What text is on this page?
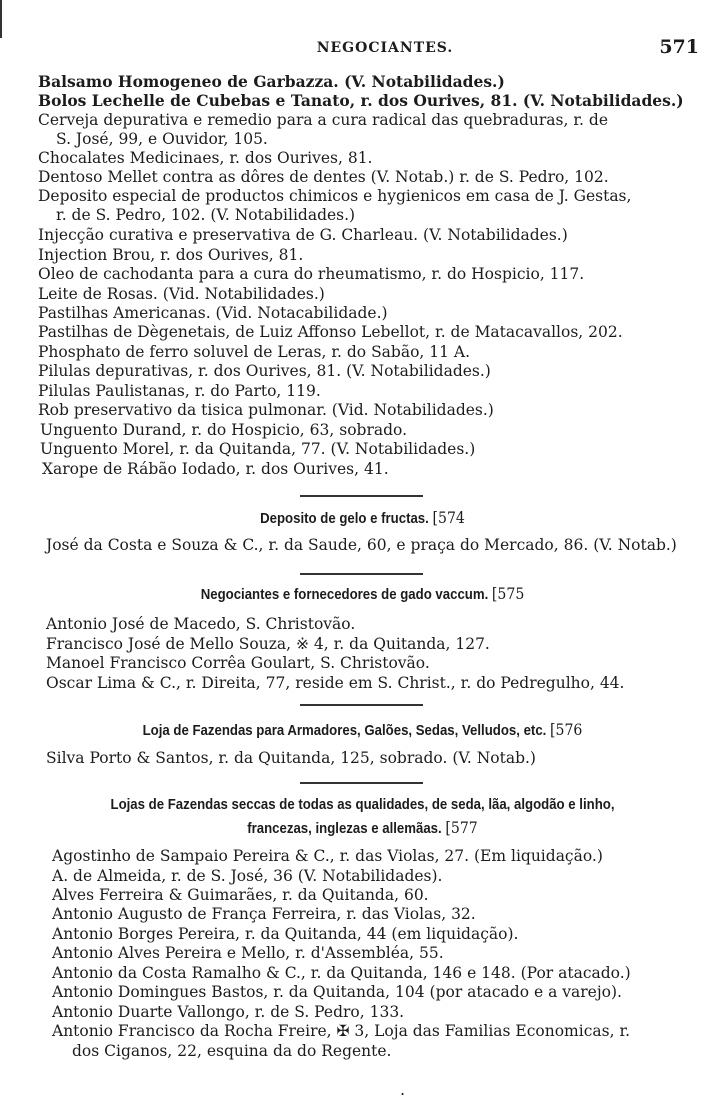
NEGOCIANTES.	571
Balsamo Homogeneo de Garbazza. (V. Notabilidades.)
Bolos Lechelle de Cubebas e Tanato, r. dos Ourives, 81. (V. Notabilidades.)
Cerveja depurativa e remedio para a cura radical das quebraduras, r. de
S. José, 99, e Ouvidor, 105.
Chocalates Medicinaes, r. dos Ourives, 81.
Dentoso Mellet contra as dôres de dentes (V. Notab.) r. de S. Pedro, 102.
Deposito especial de productos chimicos e hygienicos em casa de J. Gestas,
r. de S. Pedro, 102. (V. Notabilidades.)
Injecção curativa e preservativa de G. Charleau. (V. Notabilidades.)
Injection Brou, r. dos Ourives, 81.
Oleo de cachodanta para a cura do rheumatismo, r. do Hospicio, 117.
Leite de Rosas. (Vid. Notabilidades.)
Pastilhas Americanas. (Vid. Notacabilidade.)
Pastilhas de Dègenetais, de Luiz Affonso Lebellot, r. de Matacavallos, 202.
Phosphato de ferro soluvel de Leras, r. do Sabão, 11 A.
Pilulas depurativas, r. dos Ourives, 81. (V. Notabilidades.)
Pilulas Paulistanas, r. do Parto, 119.
Rob preservativo da tisica pulmonar. (Vid. Notabilidades.)
Unguento Durand, r. do Hospicio, 63, sobrado.
Unguento Morel, r. da Quitanda, 77. (V. Notabilidades.)
Xarope de Rábão Iodado, r. dos Ourives, 41.
Deposito de gelo e fructas. [574
José da Costa e Souza & C., r. da Saude, 60, e praça do Mercado, 86. (V. Notab.)
Negociantes e fornecedores de gado vaccum. [575
Antonio José de Macedo, S. Christovão.
Francisco José de Mello Souza, ※ 4, r. da Quitanda, 127.
Manoel Francisco Corrêa Goulart, S. Christovão.
Oscar Lima & C., r. Direita, 77, reside em S. Christ., r. do Pedregulho, 44.
Loja de Fazendas para Armadores, Galões, Sedas, Velludos, etc. [576
Silva Porto & Santos, r. da Quitanda, 125, sobrado. (V. Notab.)
Lojas de Fazendas seccas de todas as qualidades, de seda, lãa, algodão e linho,
francezas, inglezas e allemãas. [577
Agostinho de Sampaio Pereira & C., r. das Violas, 27. (Em liquidação.)
A. de Almeida, r. de S. José, 36 (V. Notabilidades).
Alves Ferreira & Guimarães, r. da Quitanda, 60.
Antonio Augusto de França Ferreira, r. das Violas, 32.
Antonio Borges Pereira, r. da Quitanda, 44 (em liquidação).
Antonio Alves Pereira e Mello, r. d'Assembléa, 55.
Antonio da Costa Ramalho & C., r. da Quitanda, 146 e 148. (Por atacado.)
Antonio Domingues Bastos, r. da Quitanda, 104 (por atacado e a varejo).
Antonio Duarte Vallongo, r. de S. Pedro, 133.
Antonio Francisco da Rocha Freire, ✠ 3, Loja das Familias Economicas, r.
dos Ciganos, 22, esquina da do Regente.
.
